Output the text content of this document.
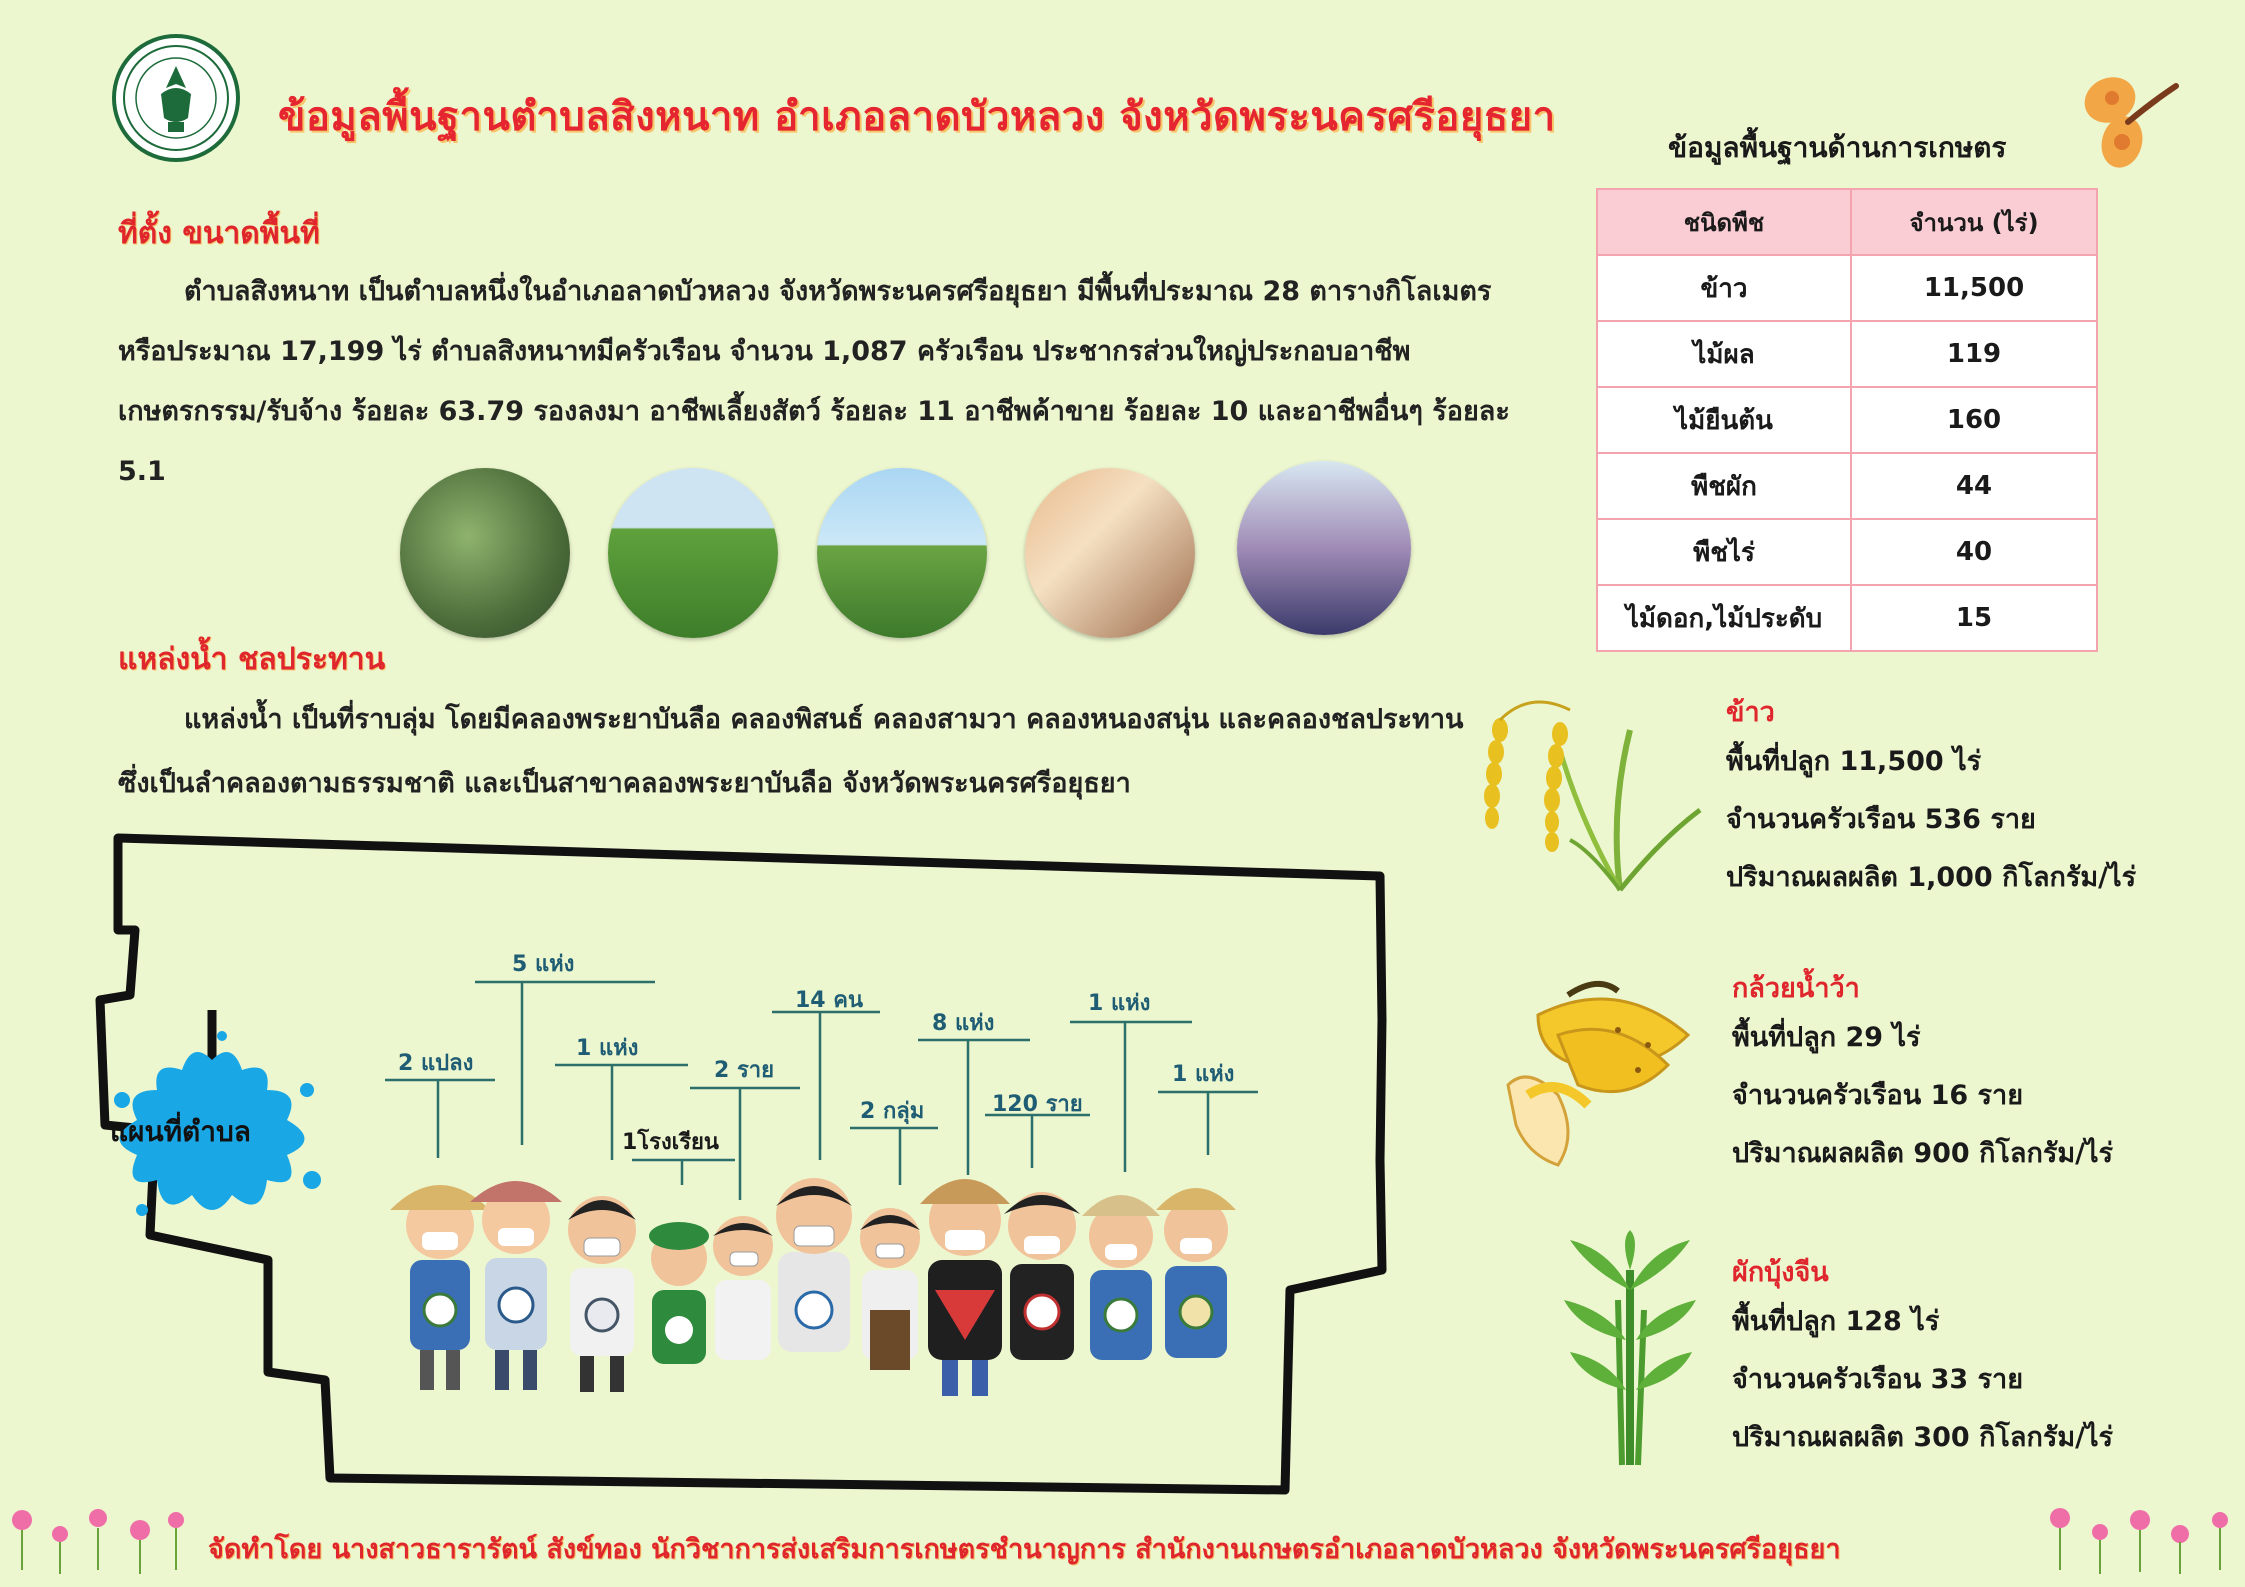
ข้อมูลพื้นฐานตำบลสิงหนาท อำเภอลาดบัวหลวง จังหวัดพระนครศรีอยุธยา
ที่ตั้ง ขนาดพื้นที่
ตำบลสิงหนาท เป็นตำบลหนึ่งในอำเภอลาดบัวหลวง จังหวัดพระนครศรีอยุธยา มีพื้นที่ประมาณ 28 ตารางกิโลเมตร
หรือประมาณ 17,199 ไร่ ตำบลสิงหนาทมีครัวเรือน จำนวน 1,087 ครัวเรือน ประชากรส่วนใหญ่ประกอบอาชีพ
เกษตรกรรม/รับจ้าง ร้อยละ 63.79 รองลงมา อาชีพเลี้ยงสัตว์ ร้อยละ 11 อาชีพค้าขาย ร้อยละ 10 และอาชีพอื่นๆ ร้อยละ 5.1
แหล่งน้ำ ชลประทาน
แหล่งน้ำ เป็นที่ราบลุ่ม โดยมีคลองพระยาบันลือ คลองพิสนธ์ คลองสามวา คลองหนองสนุ่น และคลองชลประทาน
ซึ่งเป็นลำคลองตามธรรมชาติ และเป็นสาขาคลองพระยาบันลือ จังหวัดพระนครศรีอยุธยา
ข้อมูลพื้นฐานด้านการเกษตร
ชนิดพืช	จำนวน (ไร่)
ข้าว	11,500
ไม้ผล	119
ไม้ยืนต้น	160
พืชผัก	44
พืชไร่	40
ไม้ดอก,ไม้ประดับ	15
ข้าว
พื้นที่ปลูก 11,500 ไร่
จำนวนครัวเรือน 536 ราย
ปริมาณผลผลิต 1,000 กิโลกรัม/ไร่
กล้วยน้ำว้า
พื้นที่ปลูก 29 ไร่
จำนวนครัวเรือน 16 ราย
ปริมาณผลผลิต 900 กิโลกรัม/ไร่
ผักบุ้งจีน
พื้นที่ปลูก 128 ไร่
จำนวนครัวเรือน 33 ราย
ปริมาณผลผลิต 300 กิโลกรัม/ไร่
แผนที่ตำบล
2 แปลง
5 แห่ง
1 แห่ง
1โรงเรียน
2 ราย
14 คน
2 กลุ่ม
8 แห่ง
120 ราย
1 แห่ง
1 แห่ง
จัดทำโดย นางสาวธารารัตน์ สังข์ทอง นักวิชาการส่งเสริมการเกษตรชำนาญการ สำนักงานเกษตรอำเภอลาดบัวหลวง จังหวัดพระนครศรีอยุธยา
